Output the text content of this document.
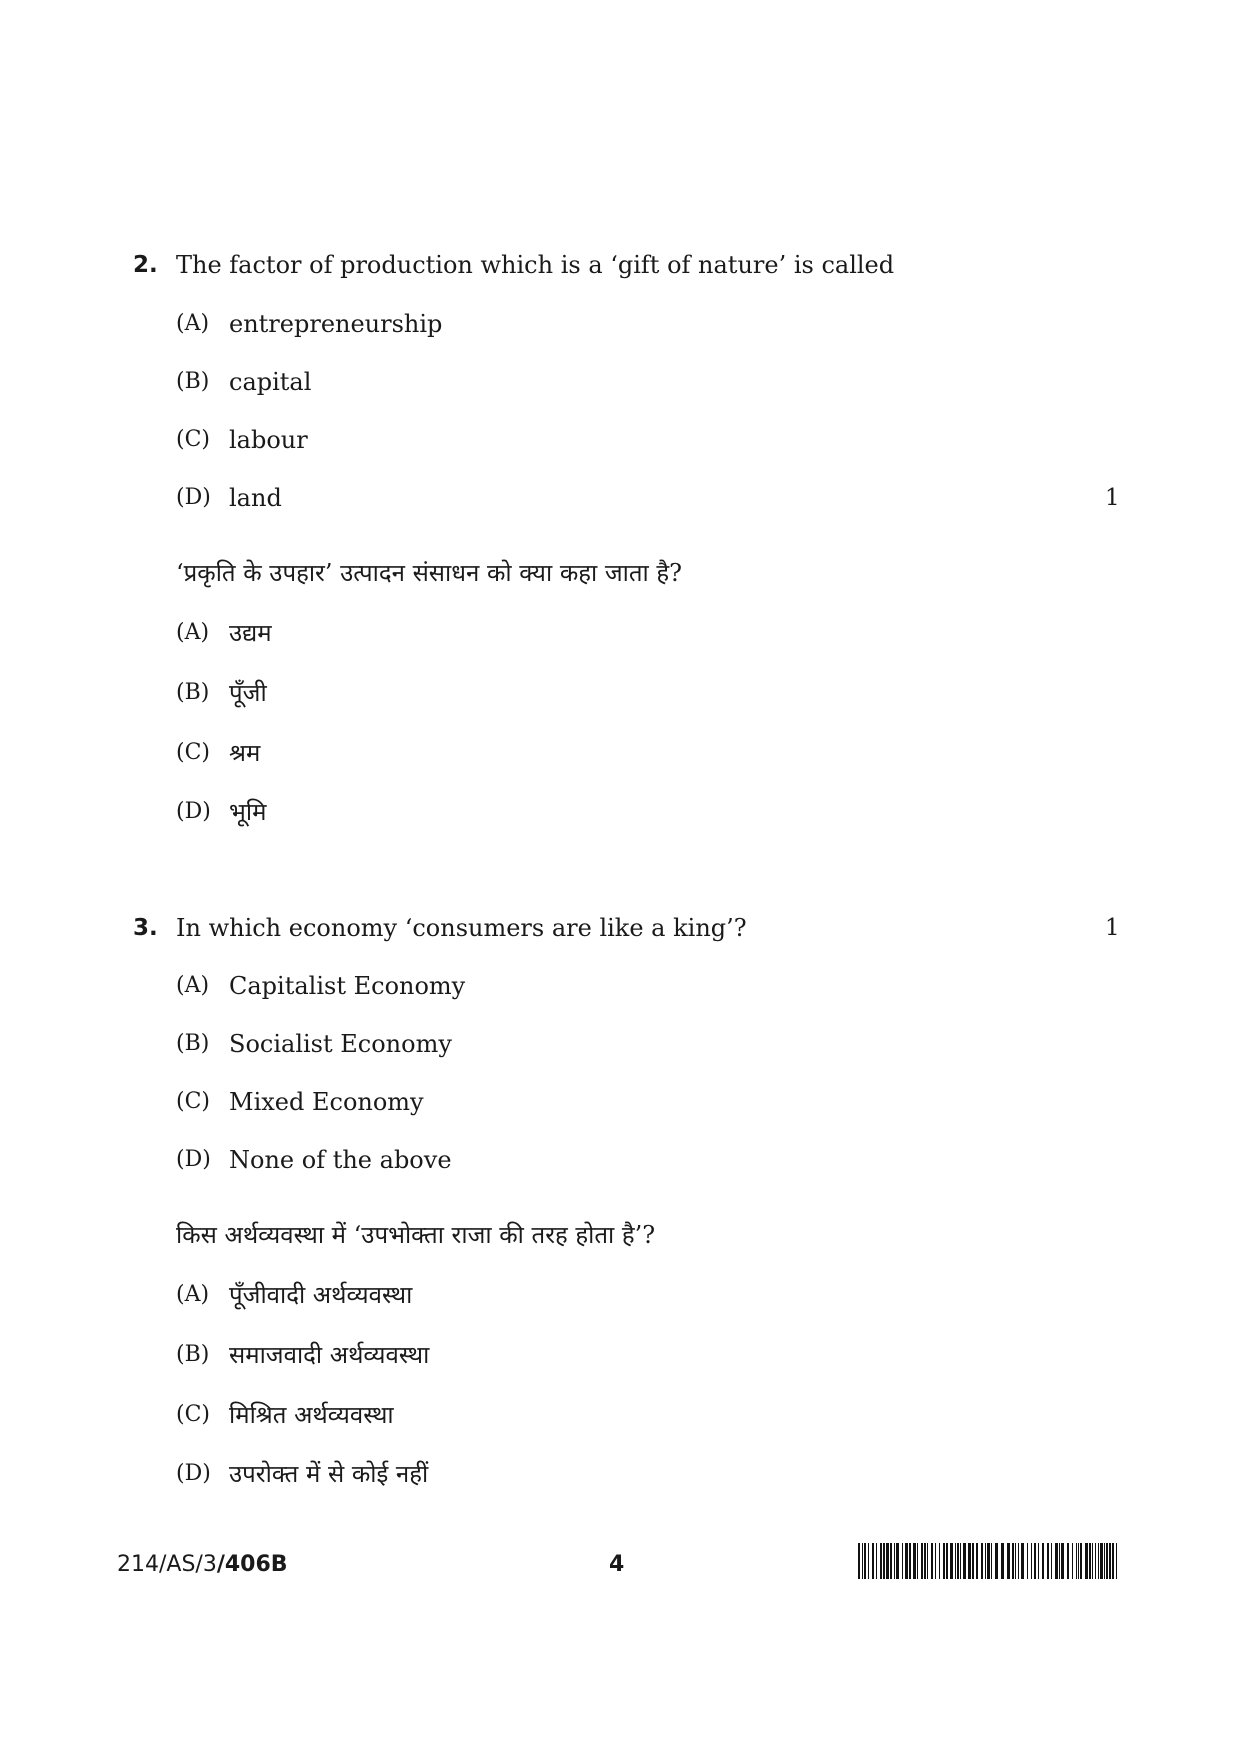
2. The factor of production which is a ‘gift of nature’ is called
(A) entrepreneurship
(B) capital
(C) labour
(D) land	1
‘प्रकृति के उपहार’ उत्पादन संसाधन को क्या कहा जाता है?
(A) उद्यम
(B) पूँजी
(C) श्रम
(D) भूमि
3. In which economy ‘consumers are like a king’?	1
(A) Capitalist Economy
(B) Socialist Economy
(C) Mixed Economy
(D) None of the above
किस अर्थव्यवस्था में ‘उपभोक्ता राजा की तरह होता है’?
(A) पूँजीवादी अर्थव्यवस्था
(B) समाजवादी अर्थव्यवस्था
(C) मिश्रित अर्थव्यवस्था
(D) उपरोक्त में से कोई नहीं
214/AS/3/406B	4
